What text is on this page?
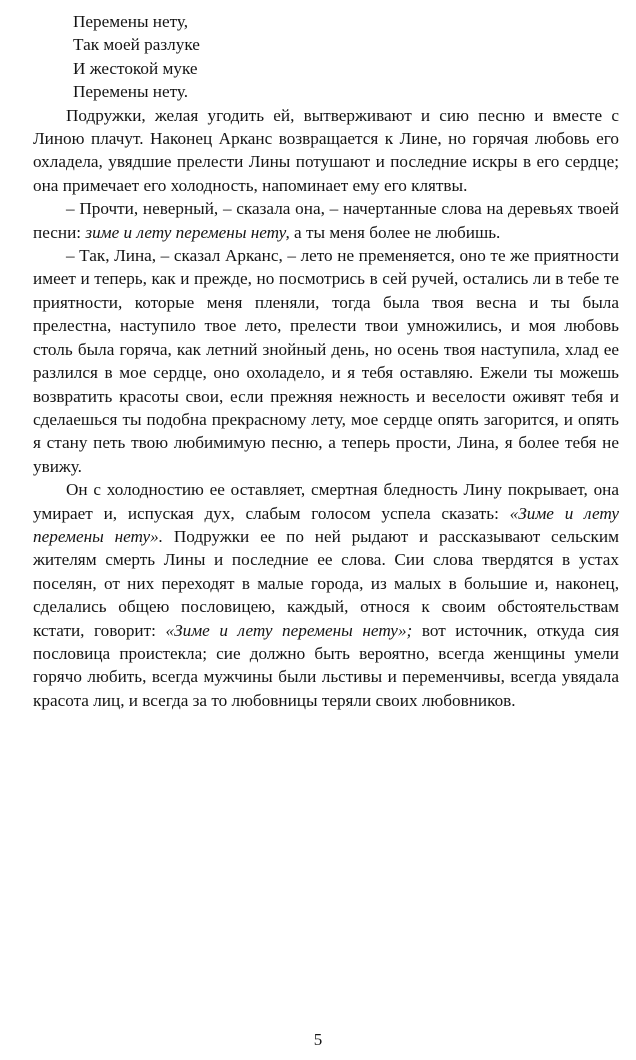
Перемены нету,
Так моей разлуке
И жестокой муке
Перемены нету.

Подружки, желая угодить ей, вытверживают и сию песню и вместе с Линою плачут. Наконец Арканс возвращается к Лине, но горячая любовь его охладела, увядшие прелести Лины потушают и последние искры в его сердце; она примечает его холодность, напоминает ему его клятвы.

– Прочти, неверный, – сказала она, – начертанные слова на деревьях твоей песни: зиме и лету перемены нету, а ты меня более не любишь.

– Так, Лина, – сказал Арканс, – лето не пременяется, оно те же приятности имеет и теперь, как и прежде, но посмотрись в сей ручей, остались ли в тебе те приятности, которые меня пленяли, тогда была твоя весна и ты была прелестна, наступило твое лето, прелести твои умножились, и моя любовь столь была горяча, как летний знойный день, но осень твоя наступила, хлад ее разлился в мое сердце, оно охоладело, и я тебя оставляю. Ежели ты можешь возвратить красоты свои, если прежняя нежность и веселости оживят тебя и сделаешься ты подобна прекрасному лету, мое сердце опять загорится, и опять я стану петь твою любимимую песню, а теперь прости, Лина, я более тебя не увижу.

Он с холодностию ее оставляет, смертная бледность Лину покрывает, она умирает и, испуская дух, слабым голосом успела сказать: «Зиме и лету перемены нету». Подружки ее по ней рыдают и рассказывают сельским жителям смерть Лины и последние ее слова. Сии слова твердятся в устах поселян, от них переходят в малые города, из малых в большие и, наконец, сделались общею пословицею, каждый, относя к своим обстоятельствам кстати, говорит: «Зиме и лету перемены нету»; вот источник, откуда сия пословица проистекла; сие должно быть вероятно, всегда женщины умели горячо любить, всегда мужчины были льстивы и переменчивы, всегда увядала красота лиц, и всегда за то любовницы теряли своих любовников.

5
